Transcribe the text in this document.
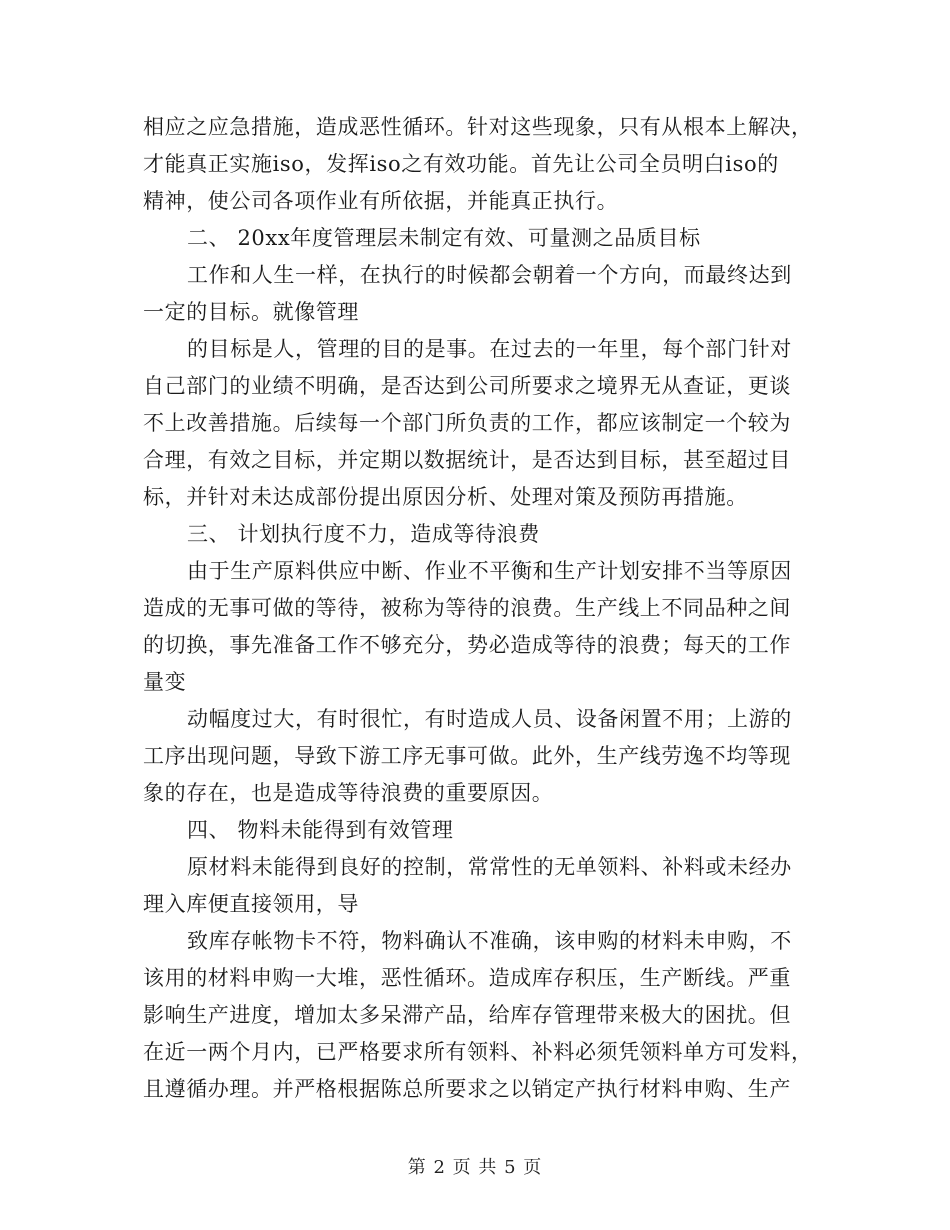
相应之应急措施，造成恶性循环。针对这些现象，只有从根本上解决，
才能真正实施iso，发挥iso之有效功能。首先让公司全员明白iso的
精神，使公司各项作业有所依据，并能真正执行。
二、 20xx年度管理层未制定有效、可量测之品质目标
工作和人生一样，在执行的时候都会朝着一个方向，而最终达到
一定的目标。就像管理
的目标是人，管理的目的是事。在过去的一年里，每个部门针对
自己部门的业绩不明确，是否达到公司所要求之境界无从查证，更谈
不上改善措施。后续每一个部门所负责的工作，都应该制定一个较为
合理，有效之目标，并定期以数据统计，是否达到目标，甚至超过目
标，并针对未达成部份提出原因分析、处理对策及预防再措施。
三、 计划执行度不力，造成等待浪费
由于生产原料供应中断、作业不平衡和生产计划安排不当等原因
造成的无事可做的等待，被称为等待的浪费。生产线上不同品种之间
的切换，事先准备工作不够充分，势必造成等待的浪费；每天的工作
量变
动幅度过大，有时很忙，有时造成人员、设备闲置不用；上游的
工序出现问题，导致下游工序无事可做。此外，生产线劳逸不均等现
象的存在，也是造成等待浪费的重要原因。
四、 物料未能得到有效管理
原材料未能得到良好的控制，常常性的无单领料、补料或未经办
理入库便直接领用，导
致库存帐物卡不符，物料确认不准确，该申购的材料未申购，不
该用的材料申购一大堆，恶性循环。造成库存积压，生产断线。严重
影响生产进度，增加太多呆滞产品，给库存管理带来极大的困扰。但
在近一两个月内，已严格要求所有领料、补料必须凭领料单方可发料，
且遵循办理。并严格根据陈总所要求之以销定产执行材料申购、生产
第 2 页 共 5 页
